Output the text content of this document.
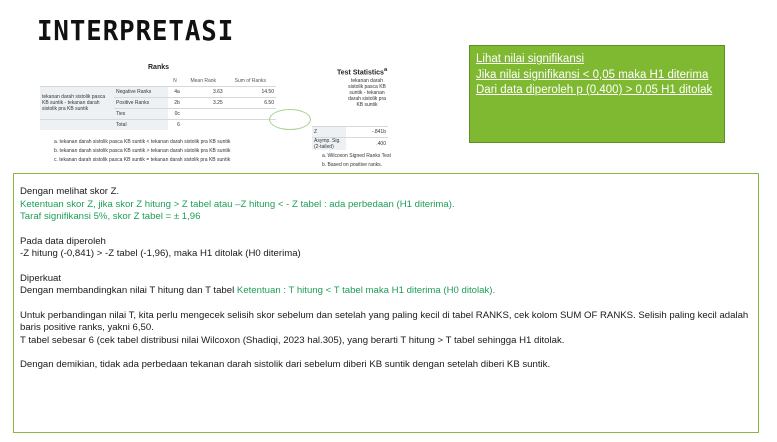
INTERPRETASI
Ranks
		N	Mean Rank	Sum of Ranks
tekanan darah sistolik pasca KB suntik - tekanan darah sistolik pra KB suntik	Negative Ranks	4a	3.63	14.50
	Positive Ranks	2b	3.25	6.50
	Ties	0c		
	Total	6		
a. tekanan darah sistolik pasca KB suntik < tekanan darah sistolik pra KB suntik
b. tekanan darah sistolik pasca KB suntik > tekanan darah sistolik pra KB suntik
c. tekanan darah sistolik pasca KB suntik = tekanan darah sistolik pra KB suntik
Test Statistics$^a$
	tekanan darah sistolik pasca KB suntik - tekanan darah sistolik pra KB suntik
Z	-.841b
Asymp. Sig. (2-tailed)	.400
a. Wilcoxon Signed Ranks Test
b. Based on positive ranks.
Lihat nilai signifikansi
Jika nilai signifikansi < 0,05 maka H1 diterima
Dari data diperoleh p (0,400) > 0,05 H1 ditolak

Dengan melihat skor Z.

Ketentuan skor Z, jika skor Z hitung > Z tabel atau –Z hitung < - Z tabel : ada perbedaan (H1 diterima).

Taraf signifikansi 5%, skor Z tabel = ± 1,96

Pada data diperoleh

-Z hitung (-0,841) > -Z tabel (-1,96), maka H1 ditolak (H0 diterima)

Diperkuat

Dengan membandingkan nilai T hitung dan T tabel Ketentuan : T hitung < T tabel maka H1 diterima (H0 ditolak).

Untuk perbandingan nilai T, kita perlu mengecek selisih skor sebelum dan setelah yang paling kecil di tabel RANKS, cek kolom SUM OF RANKS. Selisih paling kecil adalah baris positive ranks, yakni 6,50.

T tabel sebesar 6 (cek tabel distribusi nilai Wilcoxon (Shadiqi, 2023 hal.305), yang berarti T hitung > T tabel sehingga H1 ditolak.

Dengan demikian, tidak ada perbedaan tekanan darah sistolik dari sebelum diberi KB suntik dengan setelah diberi KB suntik.
